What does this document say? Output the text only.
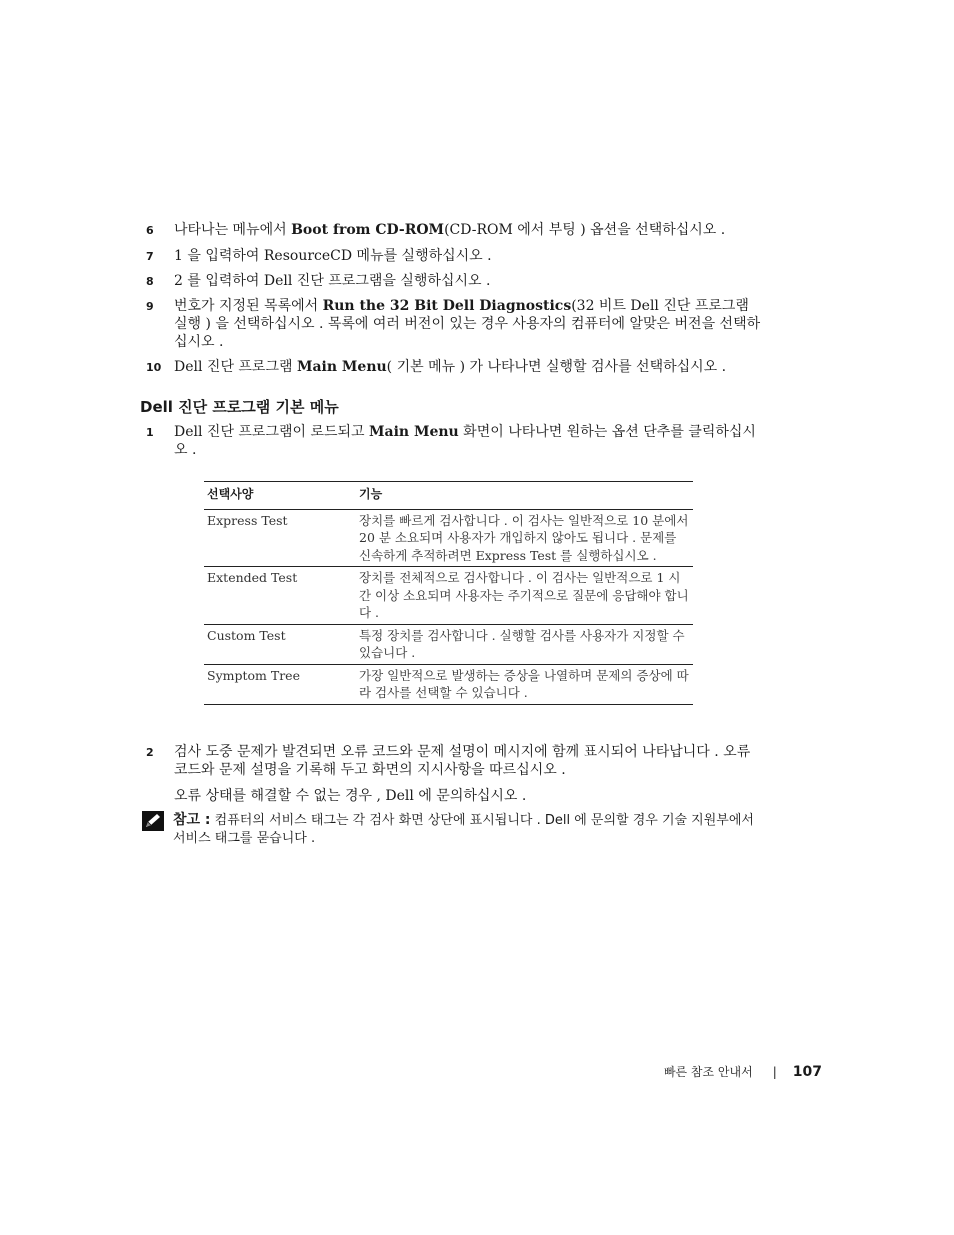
6	나타나는 메뉴에서 Boot from CD-ROM(CD-ROM 에서 부팅 ) 옵션을 선택하십시오 .
7	1 을 입력하여 ResourceCD 메뉴를 실행하십시오 .
8	2 를 입력하여 Dell 진단 프로그램을 실행하십시오 .
9	번호가 지정된 목록에서 Run the 32 Bit Dell Diagnostics(32 비트 Dell 진단 프로그램 실행 ) 을 선택하십시오 . 목록에 여러 버전이 있는 경우 사용자의 컴퓨터에 알맞은 버전을 선택하십시오 .
10 Dell 진단 프로그램 Main Menu( 기본 메뉴 ) 가 나타나면 실행할 검사를 선택하십시오 .
Dell 진단 프로그램 기본 메뉴
1	Dell 진단 프로그램이 로드되고 Main Menu 화면이 나타나면 원하는 옵션 단추를 클릭하십시오 .
선택사양	기능
Express Test	장치를 빠르게 검사합니다 . 이 검사는 일반적으로 10 분에서 20 분 소요되며 사용자가 개입하지 않아도 됩니다 . 문제를 신속하게 추적하려면 Express Test 를 실행하십시오 .
Extended Test	장치를 전체적으로 검사합니다 . 이 검사는 일반적으로 1 시간 이상 소요되며 사용자는 주기적으로 질문에 응답해야 합니다 .
Custom Test	특정 장치를 검사합니다 . 실행할 검사를 사용자가 지정할 수 있습니다 .
Symptom Tree	가장 일반적으로 발생하는 증상을 나열하며 문제의 증상에 따라 검사를 선택할 수 있습니다 .
2	검사 도중 문제가 발견되면 오류 코드와 문제 설명이 메시지에 함께 표시되어 나타납니다 . 오류 코드와 문제 설명을 기록해 두고 화면의 지시사항을 따르십시오 .
오류 상태를 해결할 수 없는 경우 , Dell 에 문의하십시오 .
참고 : 컴퓨터의 서비스 태그는 각 검사 화면 상단에 표시됩니다 . Dell 에 문의할 경우 기술 지원부에서 서비스 태그를 묻습니다 .
빠른 참조 안내서 | 107
